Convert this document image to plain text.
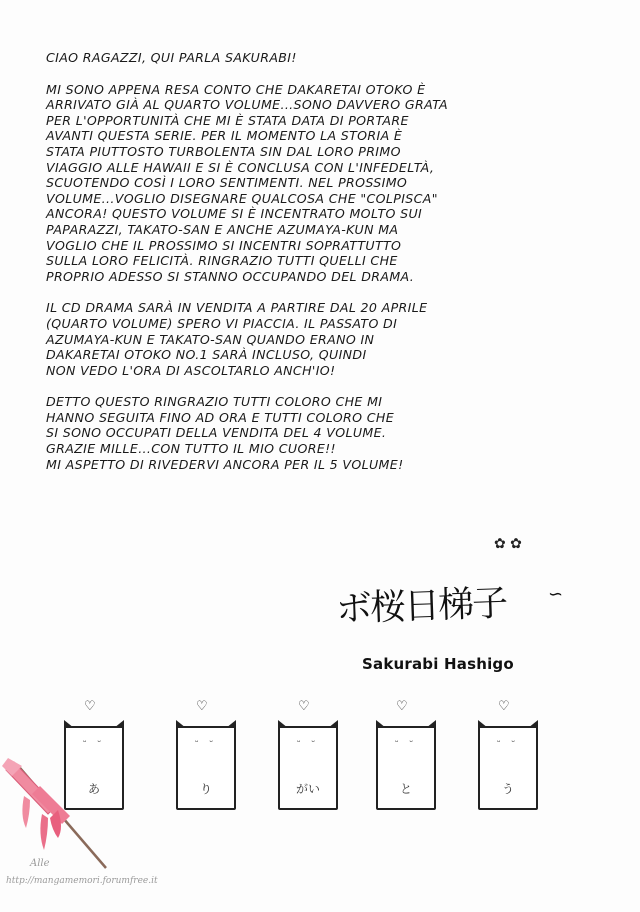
CIAO RAGAZZI, QUI PARLA SAKURABI!
MI SONO APPENA RESA CONTO CHE DAKARETAI OTOKO È
ARRIVATO GIÀ AL QUARTO VOLUME...SONO DAVVERO GRATA
PER L'OPPORTUNITÀ CHE MI È STATA DATA DI PORTARE
AVANTI QUESTA SERIE. PER IL MOMENTO LA STORIA È
STATA PIUTTOSTO TURBOLENTA SIN DAL LORO PRIMO
VIAGGIO ALLE HAWAII E SI È CONCLUSA CON L'INFEDELTÀ,
SCUOTENDO COSÌ I LORO SENTIMENTI. NEL PROSSIMO
VOLUME...VOGLIO DISEGNARE QUALCOSA CHE "COLPISCA"
ANCORA! QUESTO VOLUME SI È INCENTRATO MOLTO SUI
PAPARAZZI, TAKATO-SAN E ANCHE AZUMAYA-KUN MA
VOGLIO CHE IL PROSSIMO SI INCENTRI SOPRATTUTTO
SULLA LORO FELICITÀ. RINGRAZIO TUTTI QUELLI CHE
PROPRIO ADESSO SI STANNO OCCUPANDO DEL DRAMA.
IL CD DRAMA SARÀ IN VENDITA A PARTIRE DAL 20 APRILE
(QUARTO VOLUME) SPERO VI PIACCIA. IL PASSATO DI
AZUMAYA-KUN E TAKATO-SAN QUANDO ERANO IN
DAKARETAI OTOKO NO.1 SARÀ INCLUSO, QUINDI
NON VEDO L'ORA DI ASCOLTARLO ANCH'IO!
DETTO QUESTO RINGRAZIO TUTTI COLORO CHE MI
HANNO SEGUITA FINO AD ORA E TUTTI COLORO CHE
SI SONO OCCUPATI DELLA VENDITA DEL 4 VOLUME.
GRAZIE MILLE...CON TUTTO IL MIO CUORE!!
MI ASPETTO DI RIVEDERVI ANCORA PER IL 5 VOLUME!
✿ ✿
ボ桜日梯子 ∽
Sakurabi Hashigo
♡
ᵕ ᵕ
あ
♡
ᵕ ᵕ
り
♡
ᵕ ᵕ
がい
♡
ᵕ ᵕ
と
♡
ᵕ ᵕ
う
Alle
http://mangamemori.forumfree.it
